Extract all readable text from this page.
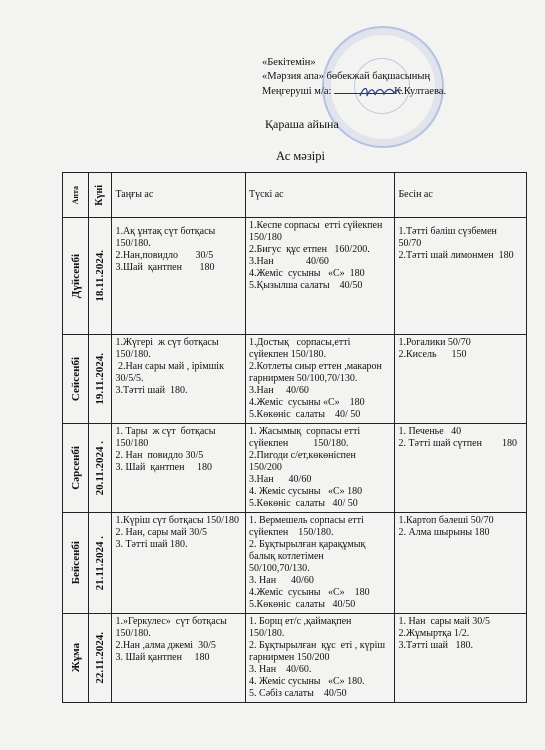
«Бекітемін»
«Мәрзия апа» бөбекжай бақшасының
Меңгеруші м/а:	К.Култаева.
Қараша айына
Ас мәзірі
Апта	Күні	Таңғы ас	Түскі ас	Бесін ас

Дүйсенбі	18.11.2024.	1.Ақ ұнтақ сүт ботқасы 150/180.
2.Нан,повидло       30/5
3.Шай  қантпен       180	1.Кеспе сорпасы  етті сүйекпен 150/180
2.Бигус  құс етпен   160/200.
3.Нан             40/60
4.Жеміс  сусыны   «С»  180
5.Қызылша салаты    40/50	1.Тәтті бәліш сүзбемен   50/70
2.Тәтті шай лимонмен  180

Сейсенбі	19.11.2024.	1.Жүгері  ж сүт ботқасы 150/180.
2.Нан сары май , ірімшік 30/5/5.
3.Тәтті шай  180.	1.Достық   сорпасы,етті  сүйекпен 150/180.
2.Котлеты сиыр еттен ,макарон гарнирмен 50/100,70/130.
3.Нан     40/60
4.Жеміс  сусыны «С»    180
5.Көкөніс  салаты    40/ 50	1.Рогалики 50/70
2.Кисель      150

Сәрсенбі	20.11.2024 .	1. Тары  ж сүт  ботқасы 150/180
2. Нан  повидло 30/5
3. Шай  қантпен     180	1. Жасымық  сорпасы етті сүйекпен          150/180.
2.Пигоди с/ет,көкөніспен  150/200
3.Нан      40/60
4. Жеміс сусыны   «С» 180
5.Көкөніс  салаты   40/ 50	1. Печенье   40
2. Тәтті шай сүтпен        180

Бейсенбі	21.11.2024 .	1.Күріш сүт ботқасы 150/180
2. Нан, сары май 30/5
3. Тәтті шай 180.	1. Вермешель сорпасы етті сүйекпен    150/180.
2. Бұқтырылған қарақұмық  балық котлетімен       50/100,70/130.
3. Нан      40/60
4.Жеміс  сусыны   «С»    180
5.Көкөніс  салаты   40/50	1.Картоп бәлеші 50/70
2. Алма шырыны 180

Жұма	22.11.2024.	1.»Геркулес»  сүт ботқасы 150/180.
2.Нан ,алма джемі  30/5
3. Шай қантпен     180	1. Борщ ет/с ,қаймақпен  150/180.
2. Бұқтырылған  құс  еті , күріш гарнирмен 150/200
3. Нан    40/60.
4. Жеміс сусыны   «С» 180.
5. Сәбіз салаты    40/50	1. Нан  сары май 30/5
2.Жұмыртқа 1/2.
3.Тәтті шай   180.
